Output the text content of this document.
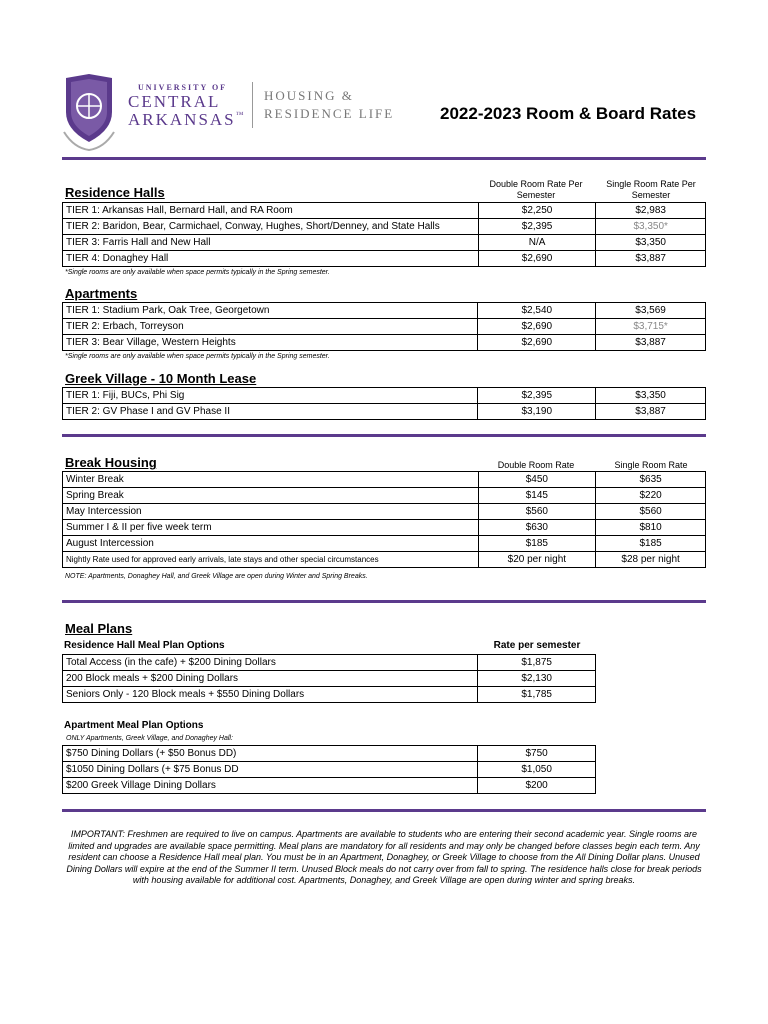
UNIVERSITY OF
CENTRAL
ARKANSAS™
HOUSING &
RESIDENCE LIFE	2022-2023 Room & Board Rates
Residence Halls
Double Room Rate Per Semester
Single Room Rate Per Semester
TIER 1: Arkansas Hall, Bernard Hall, and RA Room	$2,250	$2,983
TIER 2: Baridon, Bear, Carmichael, Conway, Hughes, Short/Denney, and State Halls	$2,395	$3,350*
TIER 3: Farris Hall and New Hall	N/A	$3,350
TIER 4: Donaghey Hall	$2,690	$3,887
*Single rooms are only available when space permits typically in the Spring semester.
Apartments
TIER 1: Stadium Park, Oak Tree, Georgetown	$2,540	$3,569
TIER 2: Erbach, Torreyson	$2,690	$3,715*
TIER 3: Bear Village, Western Heights	$2,690	$3,887
*Single rooms are only available when space permits typically in the Spring semester.
Greek Village - 10 Month Lease
TIER 1: Fiji, BUCs, Phi Sig	$2,395	$3,350
TIER 2: GV Phase I and GV Phase II	$3,190	$3,887
Break Housing	Double Room Rate	Single Room Rate
Winter Break	$450	$635
Spring Break	$145	$220
May Intercession	$560	$560
Summer I & II per five week term	$630	$810
August Intercession	$185	$185
Nightly Rate used for approved early arrivals, late stays and other special circumstances	$20 per night	$28 per night
NOTE: Apartments, Donaghey Hall, and Greek Village are open during Winter and Spring Breaks.
Meal Plans
Residence Hall Meal Plan Options	Rate per semester
Total Access (in the cafe) + $200 Dining Dollars	$1,875
200 Block meals + $200 Dining Dollars	$2,130
Seniors Only - 120 Block meals + $550 Dining Dollars	$1,785
Apartment Meal Plan Options
ONLY Apartments, Greek Village, and Donaghey Hall:
$750 Dining Dollars (+ $50 Bonus DD)	$750
$1050 Dining Dollars (+ $75 Bonus DD	$1,050
$200 Greek Village Dining Dollars	$200
IMPORTANT: Freshmen are required to live on campus. Apartments are available to students who are entering their second academic year. Single rooms are limited and upgrades are available space permitting. Meal plans are mandatory for all residents and may only be changed before classes begin each term. Any resident can choose a Residence Hall meal plan. You must be in an Apartment, Donaghey, or Greek Village to choose from the All Dining Dollar plans. Unused Dining Dollars will expire at the end of the Summer II term. Unused Block meals do not carry over from fall to spring. The residence halls close for break periods with housing available for additional cost. Apartments, Donaghey, and Greek Village are open during winter and spring breaks.
